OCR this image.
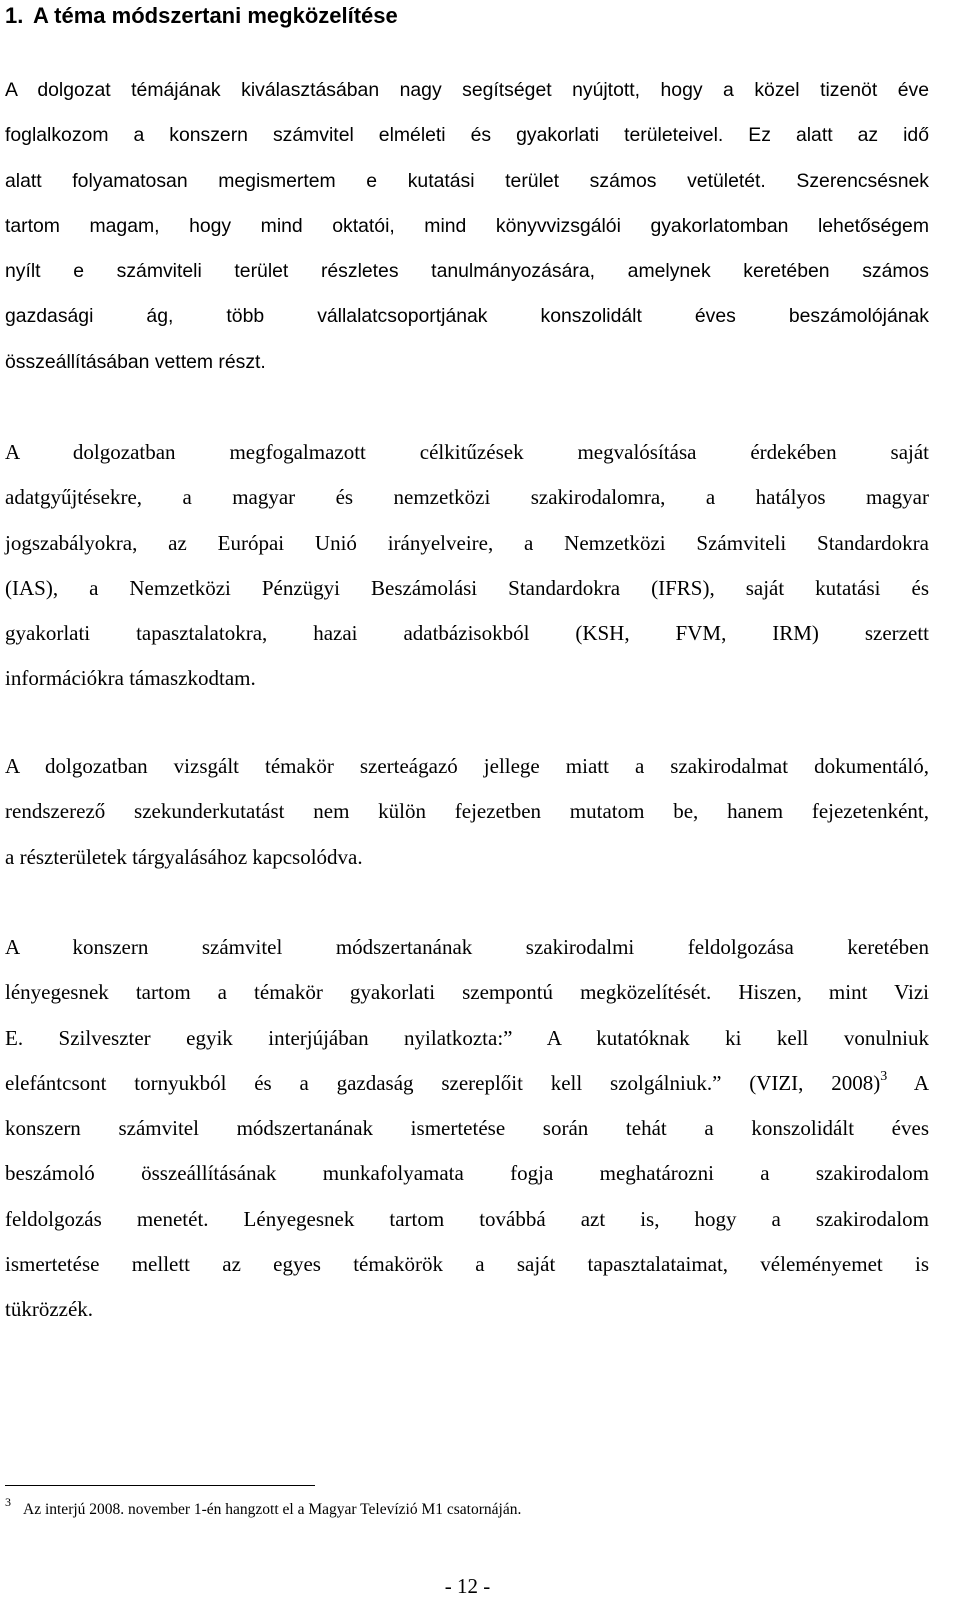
1. A téma módszertani megközelítése

A dolgozat témájának kiválasztásában nagy segítséget nyújtott, hogy a közel tizenöt éve
foglalkozom a konszern számvitel elméleti és gyakorlati területeivel. Ez alatt az idő
alatt folyamatosan megismertem e kutatási terület számos vetületét. Szerencsésnek
tartom magam, hogy mind oktatói, mind könyvvizsgálói gyakorlatomban lehetőségem
nyílt e számviteli terület részletes tanulmányozására, amelynek keretében számos
gazdasági ág, több vállalatcsoportjának konszolidált éves beszámolójának
összeállításában vettem részt.

A dolgozatban megfogalmazott célkitűzések megvalósítása érdekében saját
adatgyűjtésekre, a magyar és nemzetközi szakirodalomra, a hatályos magyar
jogszabályokra, az Európai Unió irányelveire, a Nemzetközi Számviteli Standardokra
(IAS), a Nemzetközi Pénzügyi Beszámolási Standardokra (IFRS), saját kutatási és
gyakorlati tapasztalatokra, hazai adatbázisokból (KSH, FVM, IRM) szerzett
információkra támaszkodtam.

A dolgozatban vizsgált témakör szerteágazó jellege miatt a szakirodalmat dokumentáló,
rendszerező szekunderkutatást nem külön fejezetben mutatom be, hanem fejezetenként,
a részterületek tárgyalásához kapcsolódva.

A konszern számvitel módszertanának szakirodalmi feldolgozása keretében
lényegesnek tartom a témakör gyakorlati szempontú megközelítését. Hiszen, mint Vizi
E. Szilveszter egyik interjújában nyilatkozta:” A kutatóknak ki kell vonulniuk
elefántcsont tornyukból és a gazdaság szereplőit kell szolgálniuk.” (VIZI, 2008)$^3$ A
konszern számvitel módszertanának ismertetése során tehát a konszolidált éves
beszámoló összeállításának munkafolyamata fogja meghatározni a szakirodalom
feldolgozás menetét. Lényegesnek tartom továbbá azt is, hogy a szakirodalom
ismertetése mellett az egyes témakörök a saját tapasztalataimat, véleményemet is
tükrözzék.

3 Az interjú 2008. november 1-én hangzott el a Magyar Televízió M1 csatornáján.

- 12 -
